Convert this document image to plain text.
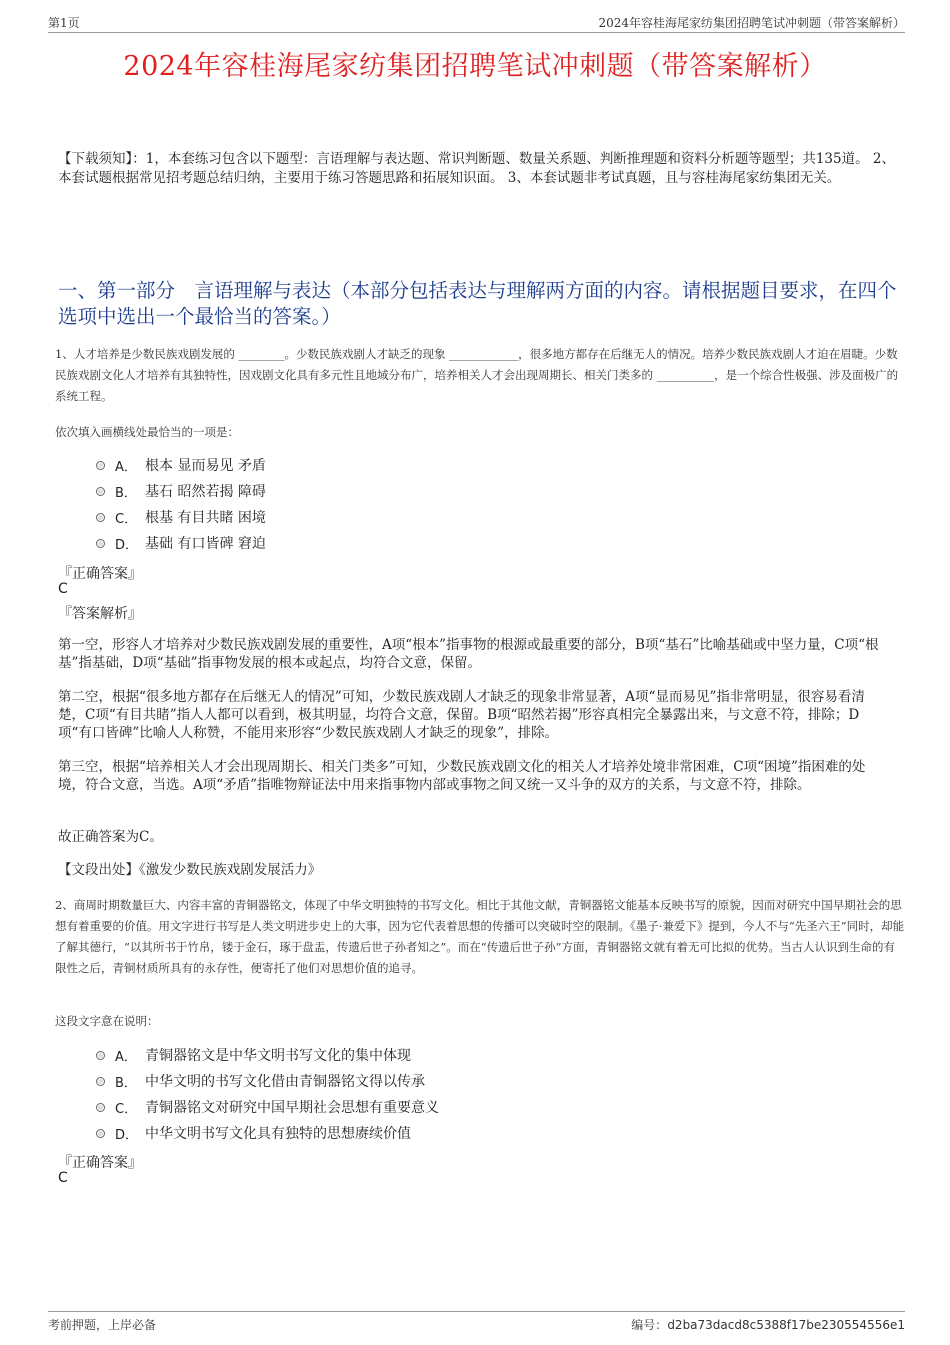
第1页	2024年容桂海尾家纺集团招聘笔试冲刺题（带答案解析）
2024年容桂海尾家纺集团招聘笔试冲刺题（带答案解析）
【下载须知】：1，本套练习包含以下题型：言语理解与表达题、常识判断题、数量关系题、判断推理题和资料分析题等题型；共135道。 2、本套试题根据常见招考题总结归纳，主要用于练习答题思路和拓展知识面。 3、本套试题非考试真题，且与容桂海尾家纺集团无关。
一、第一部分　言语理解与表达（本部分包括表达与理解两方面的内容。请根据题目要求，在四个选项中选出一个最恰当的答案。）
1、人才培养是少数民族戏剧发展的 ________。少数民族戏剧人才缺乏的现象 ____________，很多地方都存在后继无人的情况。培养少数民族戏剧人才迫在眉睫。少数民族戏剧文化人才培养有其独特性，因戏剧文化具有多元性且地域分布广，培养相关人才会出现周期长、相关门类多的 __________，是一个综合性极强、涉及面极广的系统工程。
依次填入画横线处最恰当的一项是：
A． 根本 显而易见 矛盾
B． 基石 昭然若揭 障碍
C． 根基 有目共睹 困境
D． 基础 有口皆碑 窘迫
『正确答案』
C
『答案解析』
第一空，形容人才培养对少数民族戏剧发展的重要性，A项“根本”指事物的根源或最重要的部分，B项“基石”比喻基础或中坚力量，C项“根基”指基础，D项“基础”指事物发展的根本或起点，均符合文意，保留。
第二空，根据“很多地方都存在后继无人的情况”可知，少数民族戏剧人才缺乏的现象非常显著，A项“显而易见”指非常明显，很容易看清楚，C项“有目共睹”指人人都可以看到，极其明显，均符合文意，保留。B项“昭然若揭”形容真相完全暴露出来，与文意不符，排除；D项“有口皆碑”比喻人人称赞，不能用来形容“少数民族戏剧人才缺乏的现象”，排除。
第三空，根据“培养相关人才会出现周期长、相关门类多”可知，少数民族戏剧文化的相关人才培养处境非常困难，C项“困境”指困难的处境，符合文意，当选。A项“矛盾”指唯物辩证法中用来指事物内部或事物之间又统一又斗争的双方的关系，与文意不符，排除。
故正确答案为C。
【文段出处】《激发少数民族戏剧发展活力》
2、商周时期数量巨大、内容丰富的青铜器铭文，体现了中华文明独特的书写文化。相比于其他文献，青铜器铭文能基本反映书写的原貌，因而对研究中国早期社会的思想有着重要的价值。用文字进行书写是人类文明进步史上的大事，因为它代表着思想的传播可以突破时空的限制。《墨子·兼爱下》提到，今人不与“先圣六王”同时，却能了解其德行，“以其所书于竹帛，镂于金石，琢于盘盂，传遗后世子孙者知之”。而在“传遗后世子孙”方面，青铜器铭文就有着无可比拟的优势。当古人认识到生命的有限性之后，青铜材质所具有的永存性，便寄托了他们对思想价值的追寻。
这段文字意在说明：
A． 青铜器铭文是中华文明书写文化的集中体现
B． 中华文明的书写文化借由青铜器铭文得以传承
C． 青铜器铭文对研究中国早期社会思想有重要意义
D． 中华文明书写文化具有独特的思想赓续价值
『正确答案』
C
考前押题，上岸必备	编号：d2ba73dacd8c5388f17be230554556e1
